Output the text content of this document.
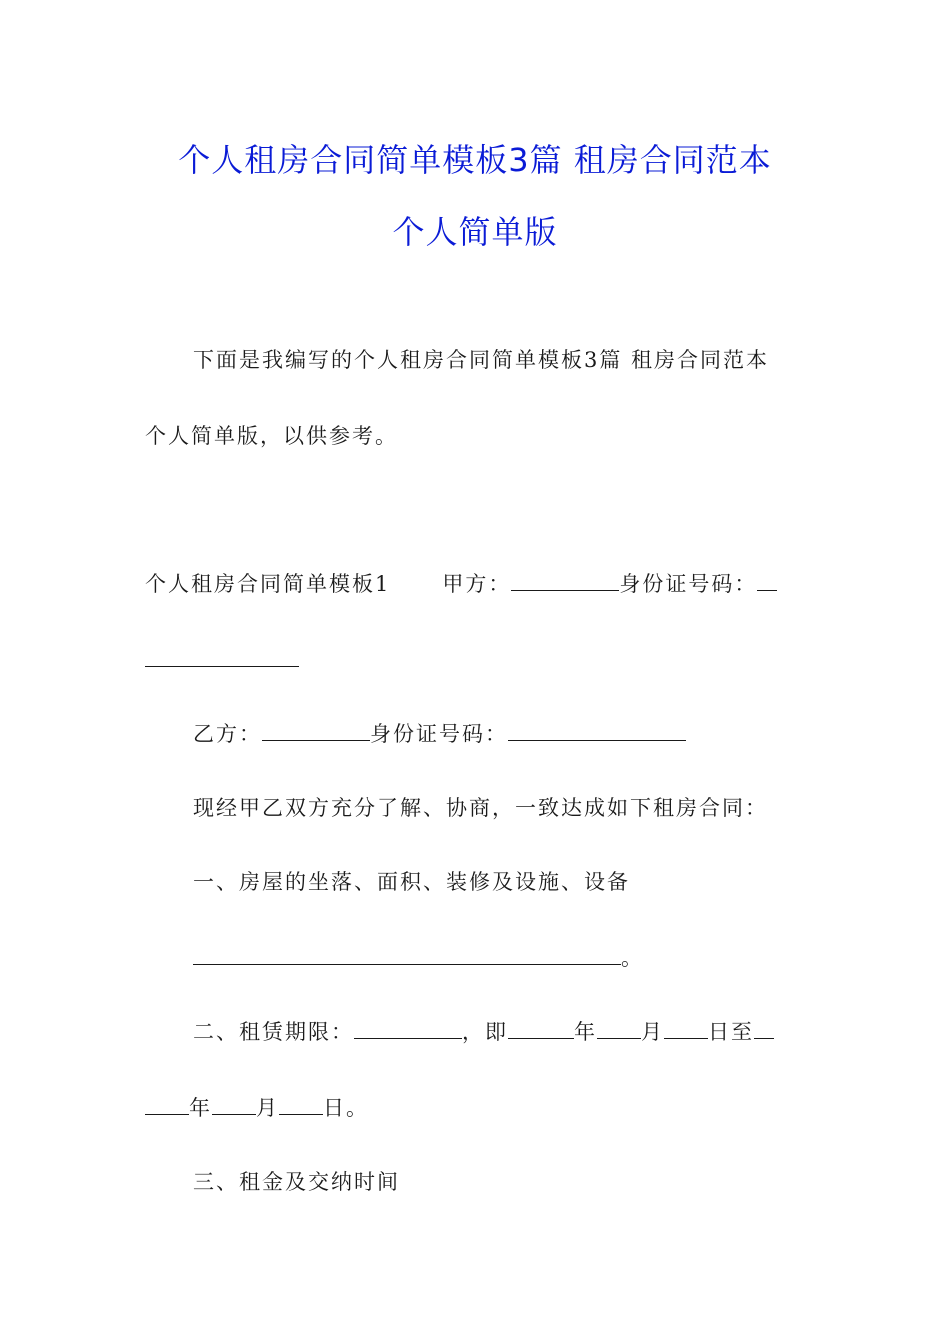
个人租房合同简单模板3篇 租房合同范本
个人简单版
下面是我编写的个人租房合同简单模板3篇 租房合同范本
个人简单版，以供参考。
个人租房合同简单模板1 甲方：	身份证号码：
乙方：	身份证号码：
现经甲乙双方充分了解、协商，一致达成如下租房合同：
一、房屋的坐落、面积、装修及设施、设备
。
二、租赁期限：	，即	年 月 日至
年 月 日。
三、租金及交纳时间
